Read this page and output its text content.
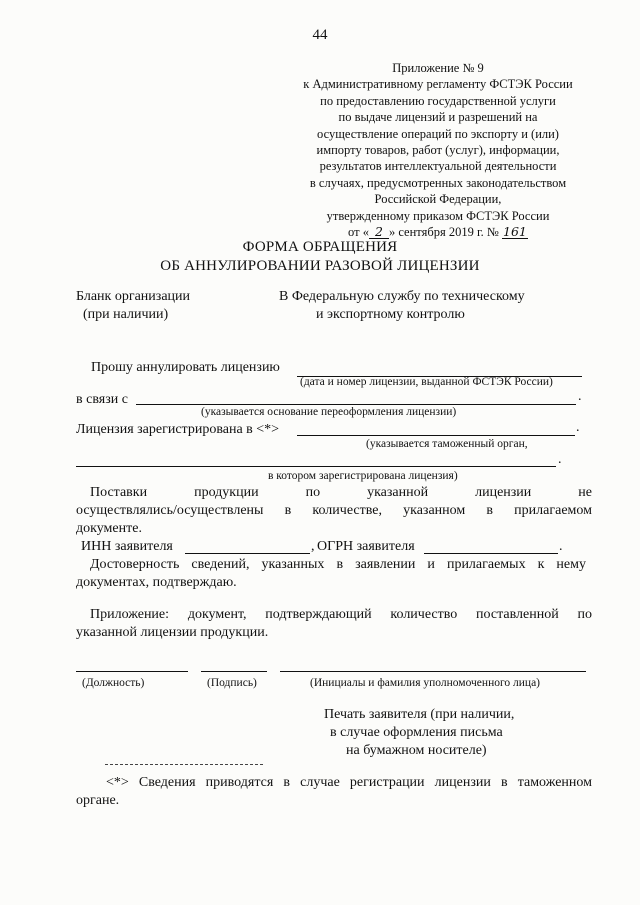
44
Приложение № 9
к Административному регламенту ФСТЭК России
по предоставлению государственной услуги
по выдаче лицензий и разрешений на
осуществление операций по экспорту и (или)
импорту товаров, работ (услуг), информации,
результатов интеллектуальной деятельности
в случаях, предусмотренных законодательством
Российской Федерации,
утвержденному приказом ФСТЭК России
от « 2 » сентября 2019 г. № 161
ФОРМА ОБРАЩЕНИЯ
ОБ АННУЛИРОВАНИИ РАЗОВОЙ ЛИЦЕНЗИИ
Бланк организации
(при наличии)
В Федеральную службу по техническому
и экспортному контролю
Прошу аннулировать лицензию
(дата и номер лицензии, выданной ФСТЭК России)
в связи с	.
(указывается основание переоформления лицензии)
Лицензия зарегистрирована в <*>	.
(указывается таможенный орган,
.
в котором зарегистрирована лицензия)
Поставки продукции по указанной лицензии не
осуществлялись/осуществлены в количестве, указанном в прилагаемом
документе.
ИНН заявителя	, ОГРН заявителя	.
Достоверность сведений, указанных в заявлении и прилагаемых к нему
документах, подтверждаю.
Приложение: документ, подтверждающий количество поставленной по
указанной лицензии продукции.
(Должность)	(Подпись)	(Инициалы и фамилия уполномоченного лица)
Печать заявителя (при наличии,
в случае оформления письма
на бумажном носителе)
<*> Сведения приводятся в случае регистрации лицензии в таможенном
органе.
